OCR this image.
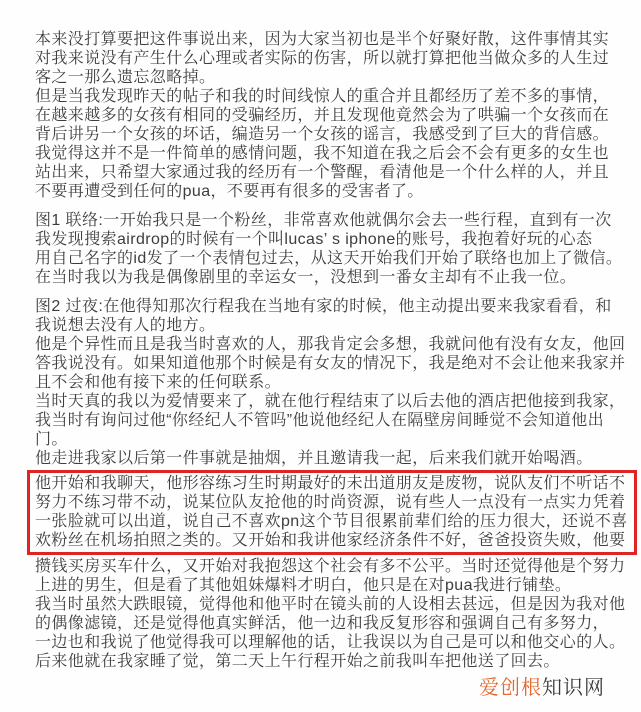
本来没打算要把这件事说出来，因为大家当初也是半个好聚好散，这件事情其实
对我来说没有产生什么心理或者实际的伤害，所以就打算把他当做众多的人生过
客之一那么遗忘忽略掉。
但是当我发现昨天的帖子和我的时间线惊人的重合并且都经历了差不多的事情，
在越来越多的女孩有相同的受骗经历，并且发现他竟然会为了哄骗一个女孩而在
背后讲另一个女孩的坏话，编造另一个女孩的谣言，我感受到了巨大的背信感。
我觉得这并不是一件简单的感情问题，我不知道在我之后会不会有更多的女生也
站出来，只希望大家通过我的经历有一个警醒，看清他是一个什么样的人，并且
不要再遭受到任何的pua，不要再有很多的受害者了。
图1 联络:一开始我只是一个粉丝，非常喜欢他就偶尔会去一些行程，直到有一次
我发现搜索airdrop的时候有一个叫lucas’ s iphone的账号，我抱着好玩的心态
用自己名字的id发了一个表情包过去，从这天开始我们开始了联络也加上了微信。
在当时我以为我是偶像剧里的幸运女一，没想到一番女主却有不止我一位。
图2 过夜:在他得知那次行程我在当地有家的时候，他主动提出要来我家看看，和
我说想去没有人的地方。
他是个异性而且是我当时喜欢的人，那我肯定会多想，我就问他有没有女友，他回
答我说没有。如果知道他那个时候是有女友的情况下，我是绝对不会让他来我家并
且不会和他有接下来的任何联系。
当时天真的我以为爱情要来了，就在他行程结束了以后去他的酒店把他接到我家，
我当时有询问过他“你经纪人不管吗”他说他经纪人在隔壁房间睡觉不会知道他出
门。
他走进我家以后第一件事就是抽烟，并且邀请我一起，后来我们就开始喝酒。
他开始和我聊天，他形容练习生时期最好的未出道朋友是废物，说队友们不听话不
努力不练习带不动，说某位队友抢他的时尚资源，说有些人一点没有一点实力凭着
一张脸就可以出道，说自己不喜欢pn这个节目很累前辈们给的压力很大，还说不喜
欢粉丝在机场拍照之类的。又开始和我讲他家经济条件不好，爸爸投资失败，他要
攒钱买房买车什么，又开始对我抱怨这个社会有多不公平。当时还觉得他是个努力
上进的男生，但是看了其他姐妹爆料才明白，他只是在对pua我进行铺垫。
我当时虽然大跌眼镜，觉得他和他平时在镜头前的人设相去甚远，但是因为我对他
的偶像滤镜，还是觉得他真实鲜活，他一边和我反复形容和强调自己有多努力，
一边也和我说了他觉得我可以理解他的话，让我误以为自己是可以和他交心的人。
后来他就在我家睡了觉，第二天上午行程开始之前我叫车把他送了回去。
爱创根知识网
